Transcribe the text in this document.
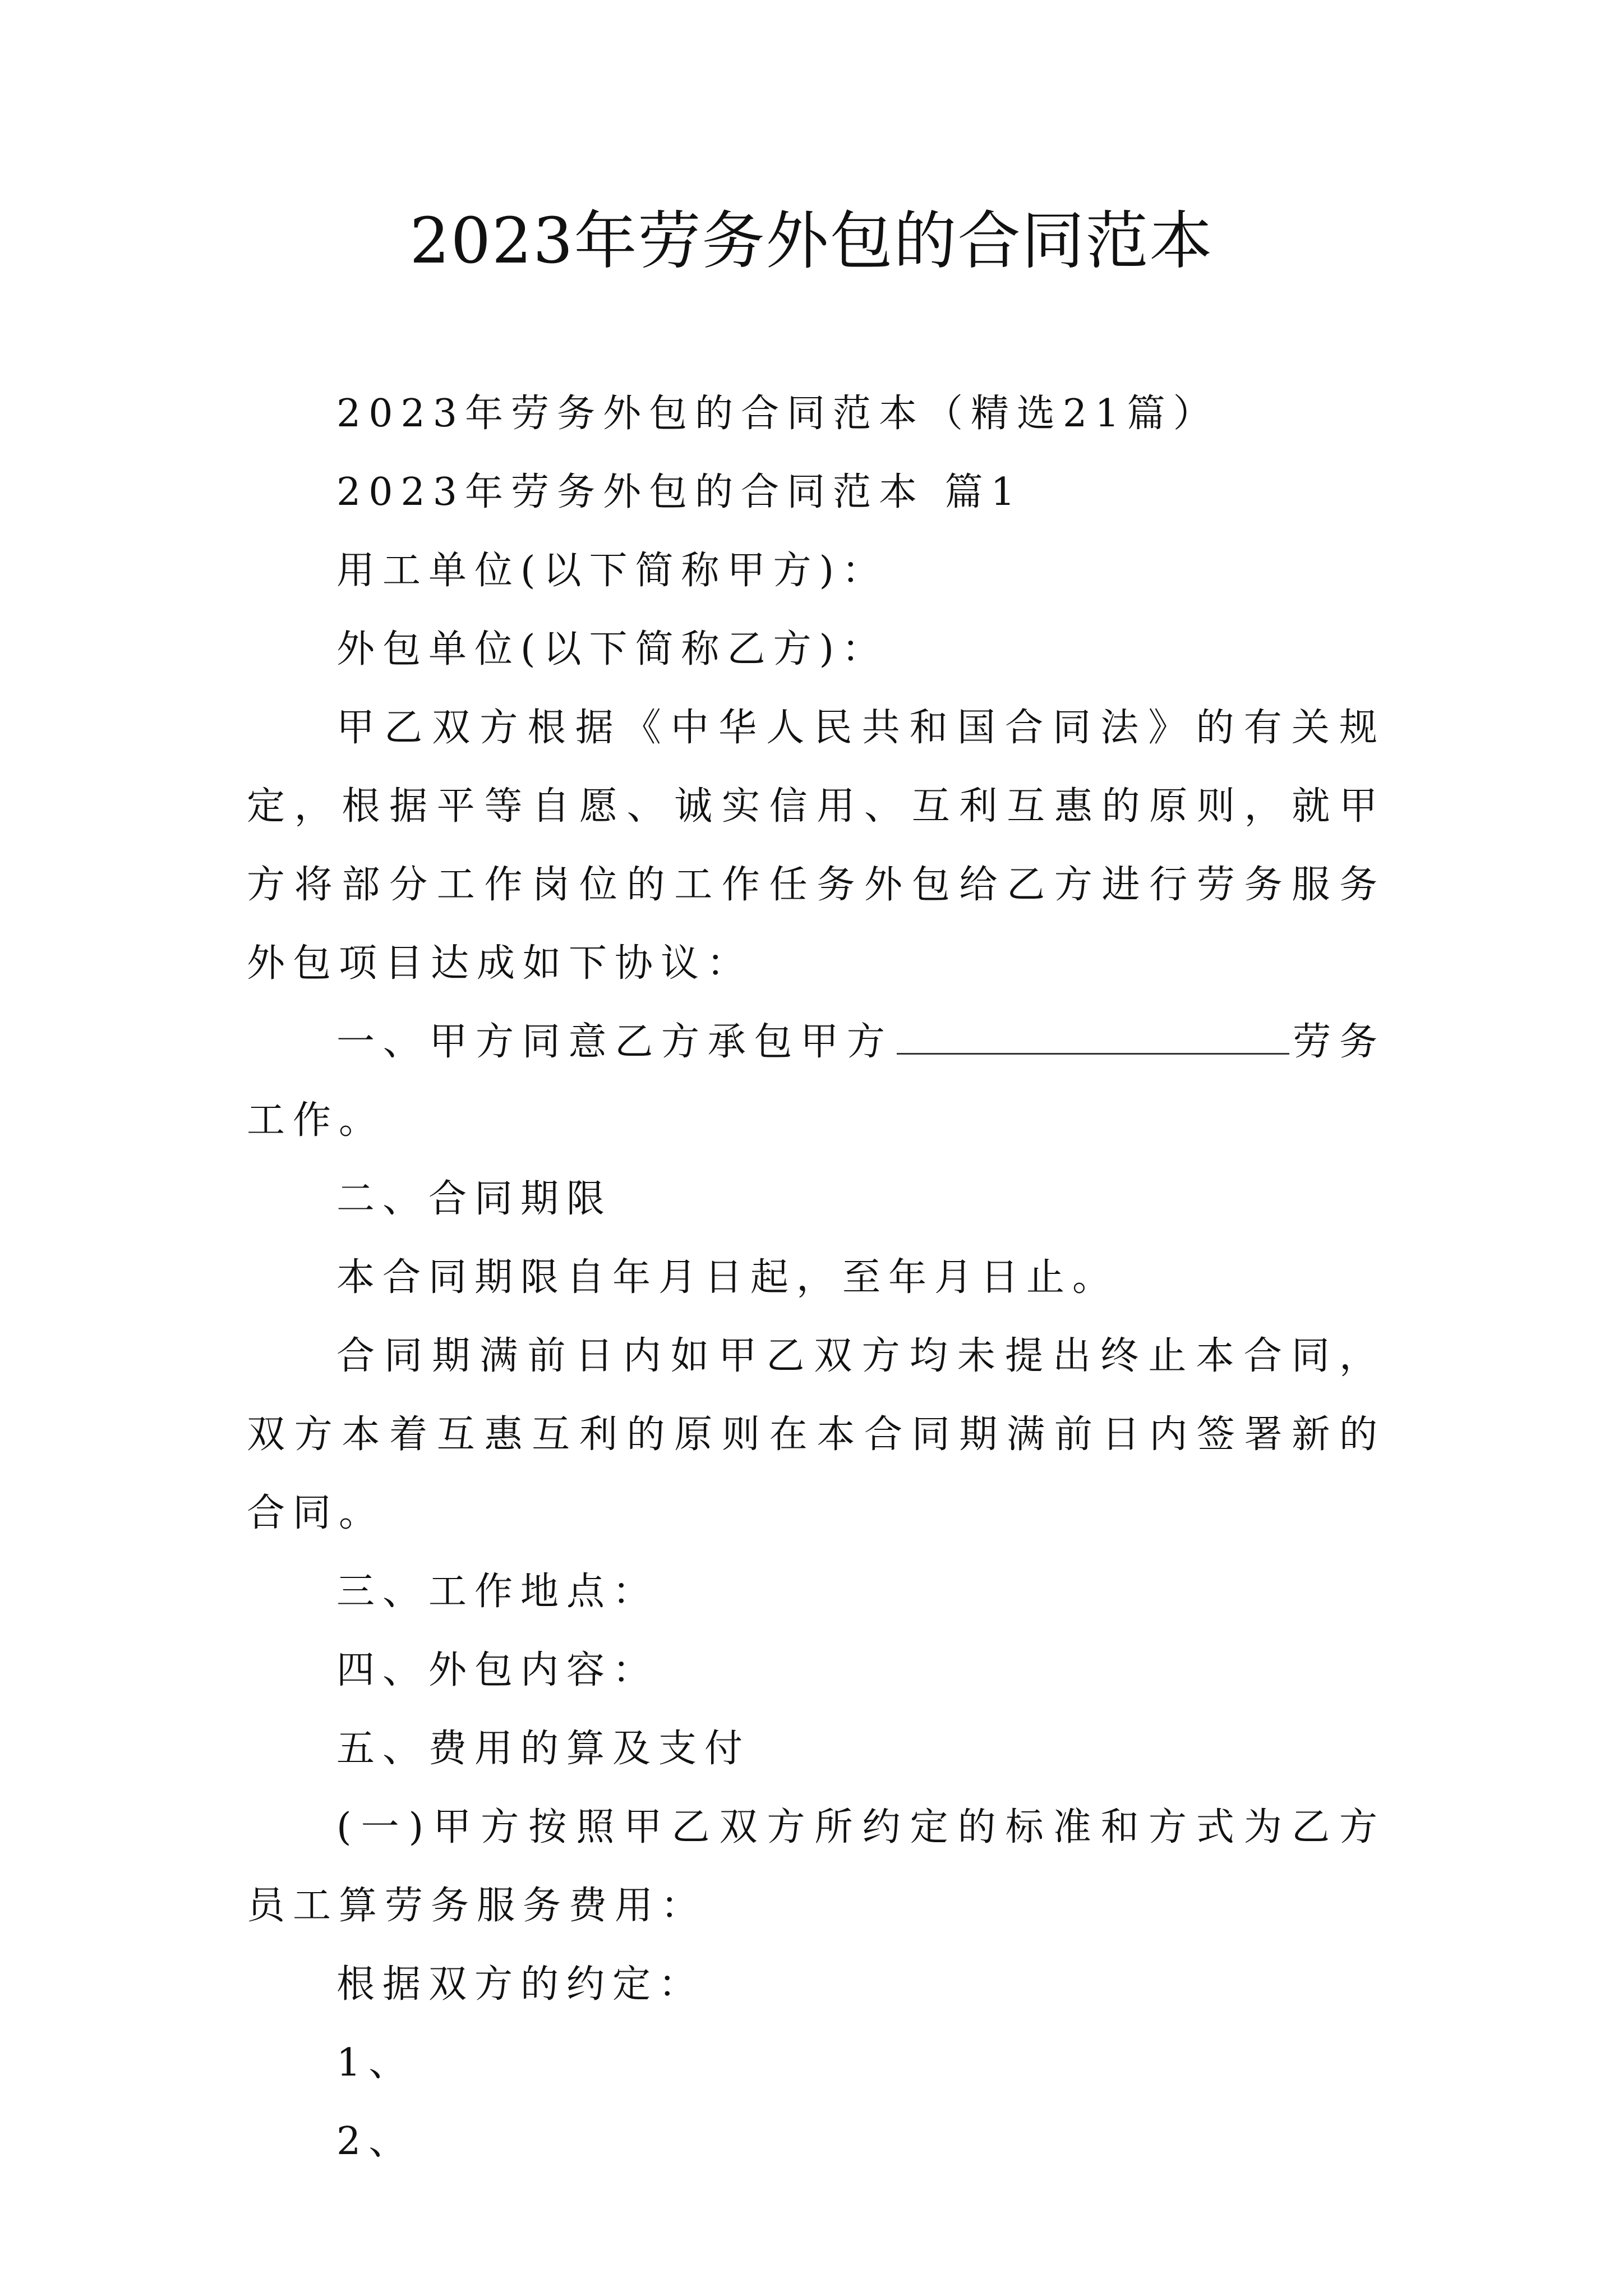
2023年劳务外包的合同范本

2023年劳务外包的合同范本（精选21篇）

2023年劳务外包的合同范本 篇1

用工单位(以下简称甲方)：

外包单位(以下简称乙方)：

甲乙双方根据《中华人民共和国合同法》的有关规定，根据平等自愿、诚实信用、互利互惠的原则，就甲方将部分工作岗位的工作任务外包给乙方进行劳务服务外包项目达成如下协议：

一、甲方同意乙方承包甲方	劳务工作。

二、合同期限

本合同期限自年月日起，至年月日止。

合同期满前日内如甲乙双方均未提出终止本合同，双方本着互惠互利的原则在本合同期满前日内签署新的合同。

三、工作地点：

四、外包内容：

五、费用的算及支付

(一)甲方按照甲乙双方所约定的标准和方式为乙方员工算劳务服务费用：

根据双方的约定：

1、

2、
